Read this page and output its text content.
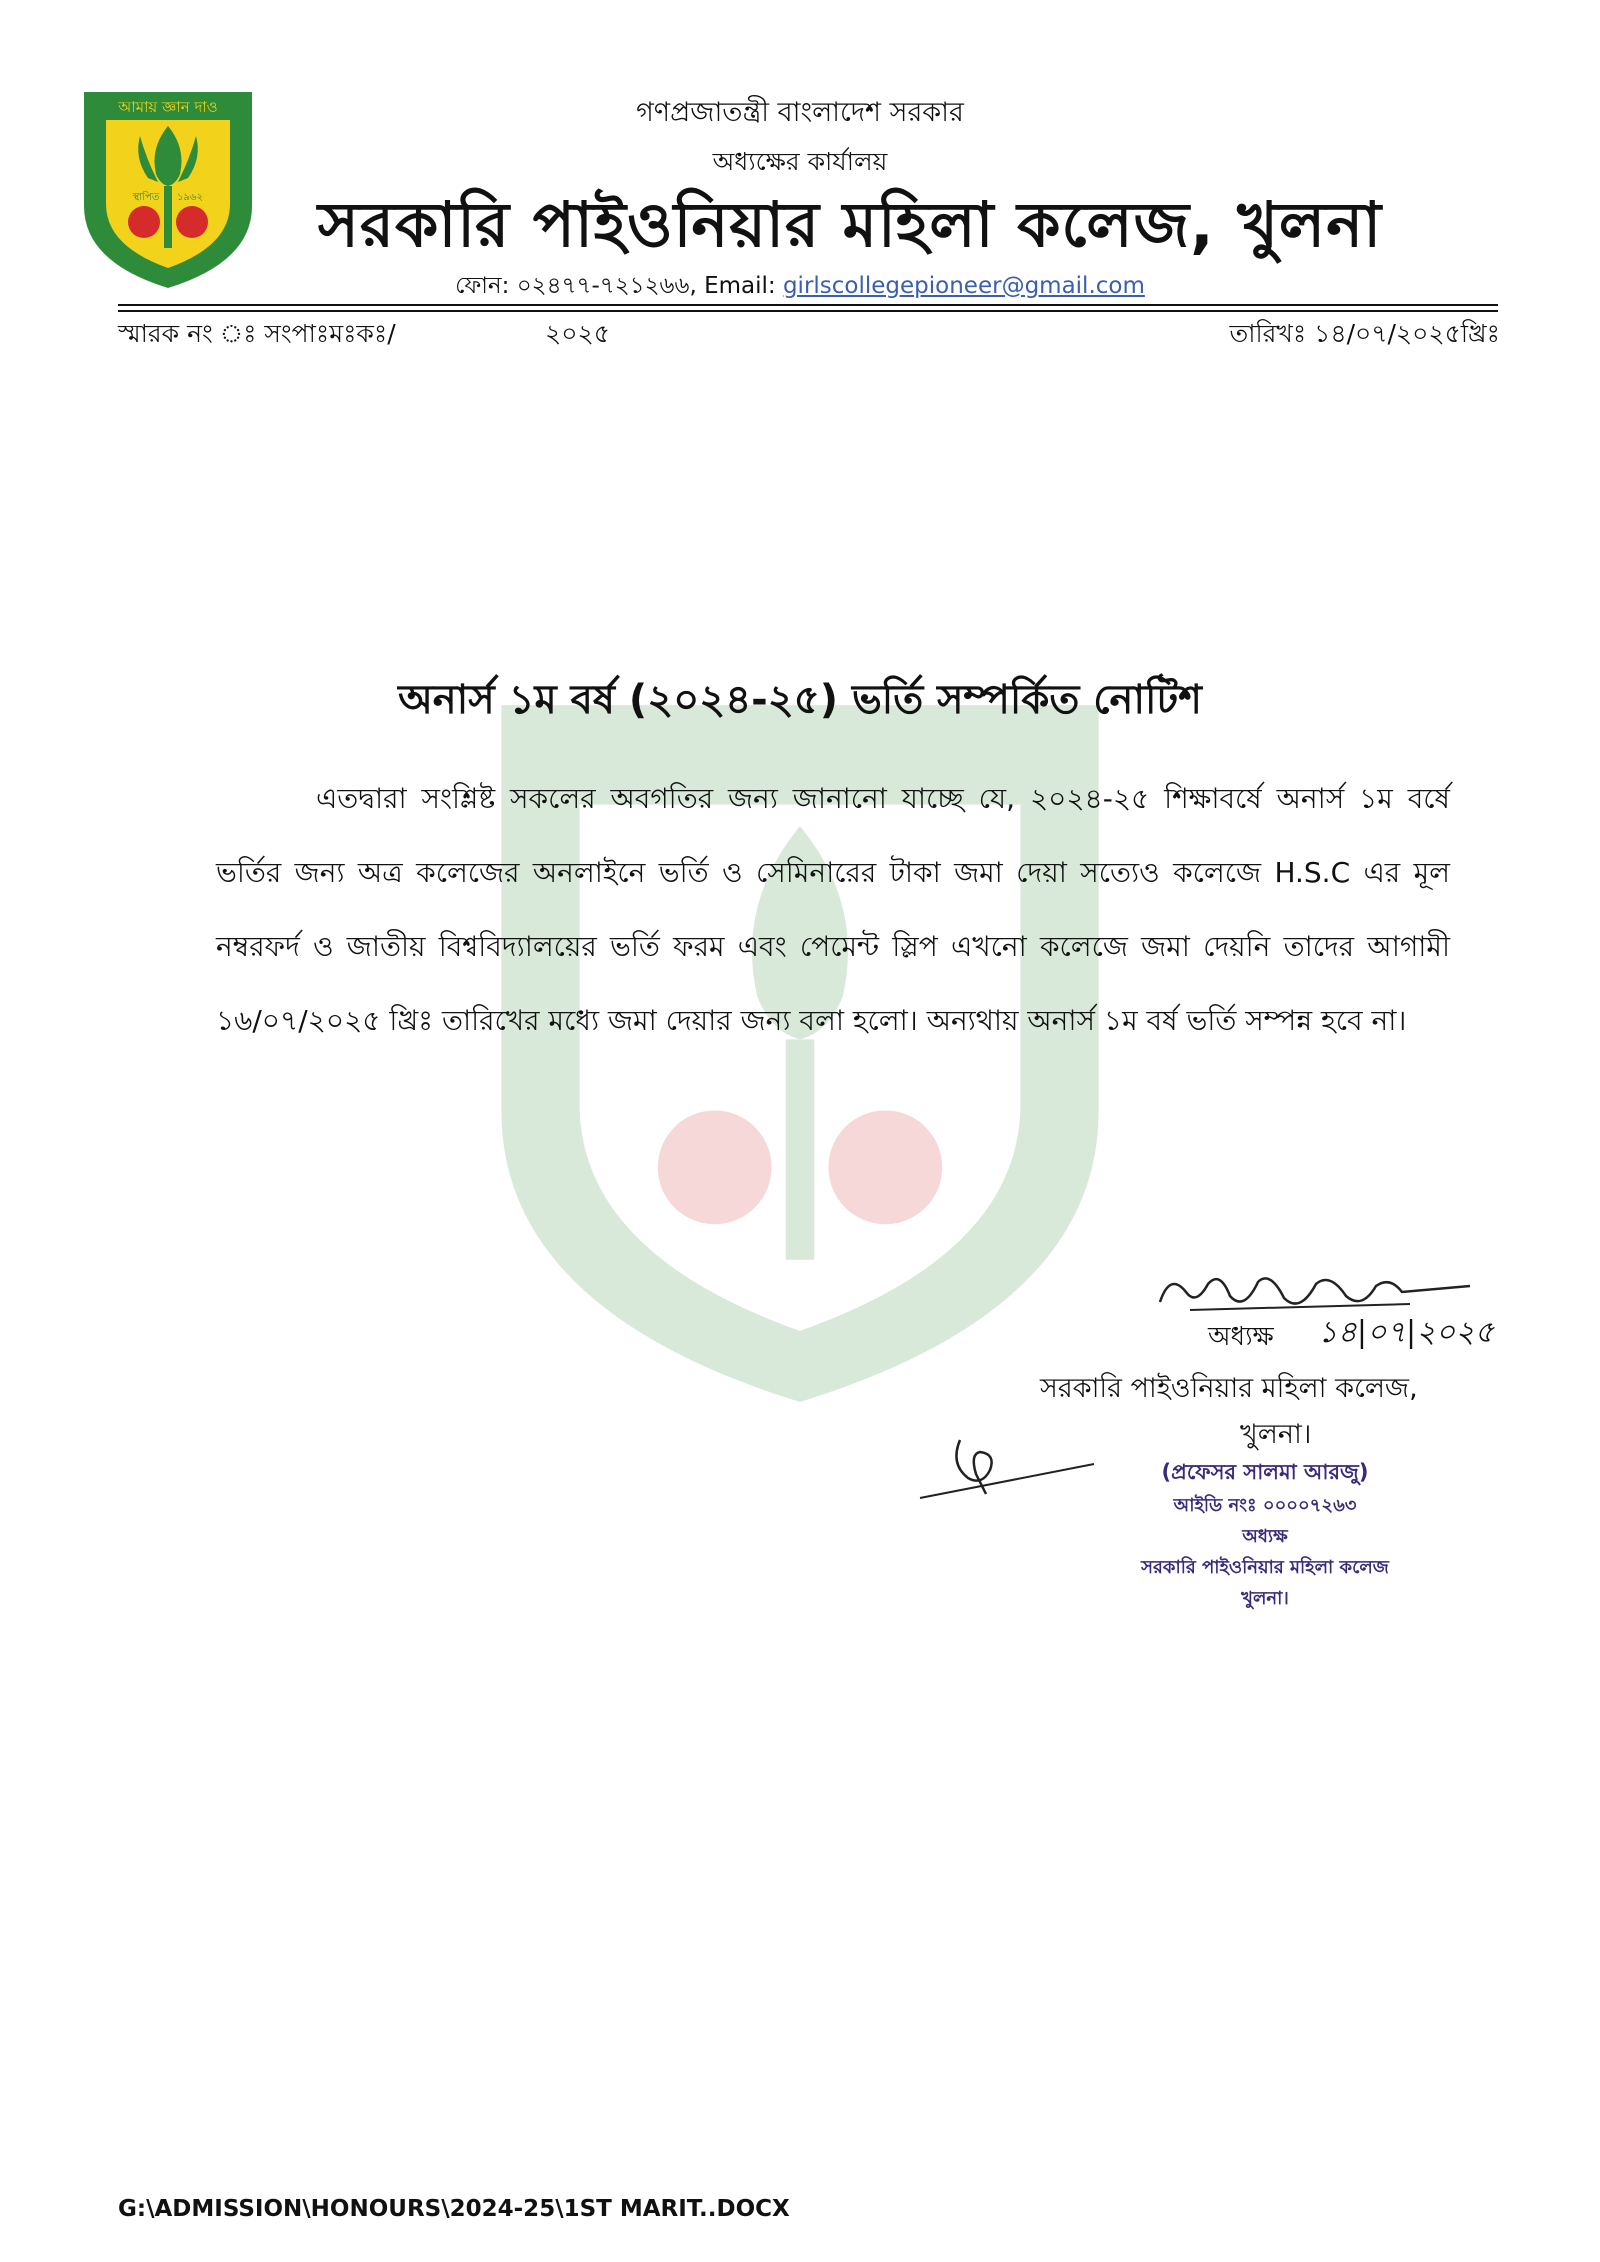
আমায় জ্ঞান দাও
স্থাপিত ১৯৬২
গণপ্রজাতন্ত্রী বাংলাদেশ সরকার
অধ্যক্ষের কার্যালয়
সরকারি পাইওনিয়ার মহিলা কলেজ, খুলনা
ফোন: ০২৪৭৭-৭২১২৬৬, Email: girlscollegepioneer@gmail.com
স্মারক নং ঃ সংপাঃমঃকঃ/	২০২৫	তারিখঃ ১৪/০৭/২০২৫খ্রিঃ
অনার্স ১ম বর্ষ (২০২৪-২৫) ভর্তি সম্পর্কিত নোটিশ
এতদ্বারা সংশ্লিষ্ট সকলের অবগতির জন্য জানানো যাচ্ছে যে, ২০২৪-২৫ শিক্ষাবর্ষে অনার্স ১ম বর্ষে ভর্তির জন্য অত্র কলেজের অনলাইনে ভর্তি ও সেমিনারের টাকা জমা দেয়া সত্যেও কলেজে H.S.C এর মূল নম্বরফর্দ ও জাতীয় বিশ্ববিদ্যালয়ের ভর্তি ফরম এবং পেমেন্ট স্লিপ এখনো কলেজে জমা দেয়নি তাদের আগামী ১৬/০৭/২০২৫ খ্রিঃ তারিখের মধ্যে জমা দেয়ার জন্য বলা হলো। অন্যথায় অনার্স ১ম বর্ষ ভর্তি সম্পন্ন হবে না।
অধ্যক্ষ ১৪|০৭|২০২৫
সরকারি পাইওনিয়ার মহিলা কলেজ,
খুলনা।
(প্রফেসর সালমা আরজু)
আইডি নংঃ ০০০০৭২৬৩
অধ্যক্ষ
সরকারি পাইওনিয়ার মহিলা কলেজ
খুলনা।
G:\ADMISSION\HONOURS\2024-25\1ST MARIT..DOCX
